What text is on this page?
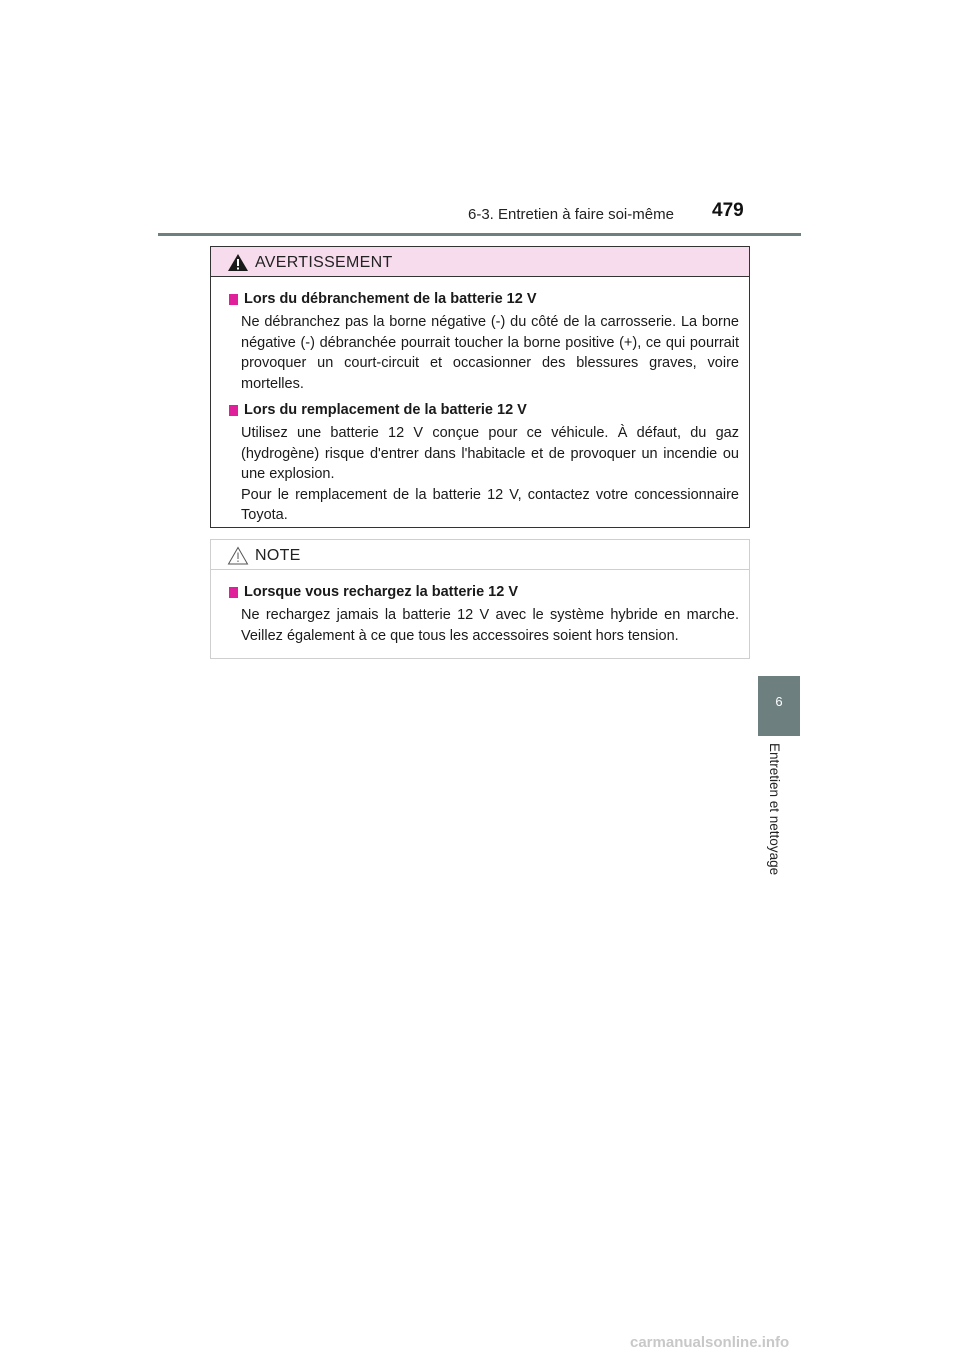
6-3. Entretien à faire soi-même 479
6
Entretien et nettoyage
AVERTISSEMENT
Lors du débranchement de la batterie 12 V

Ne débranchez pas la borne négative (-) du côté de la carrosserie. La borne négative (-) débranchée pourrait toucher la borne positive (+), ce qui pourrait provoquer un court-circuit et occasionner des blessures graves, voire mortelles.

Lors du remplacement de la batterie 12 V

Utilisez une batterie 12 V conçue pour ce véhicule. À défaut, du gaz (hydrogène) risque d'entrer dans l'habitacle et de provoquer un incendie ou une explosion.

Pour le remplacement de la batterie 12 V, contactez votre concessionnaire Toyota.

NOTE
Lorsque vous rechargez la batterie 12 V

Ne rechargez jamais la batterie 12 V avec le système hybride en marche. Veillez également à ce que tous les accessoires soient hors tension.

carmanualsonline.info
